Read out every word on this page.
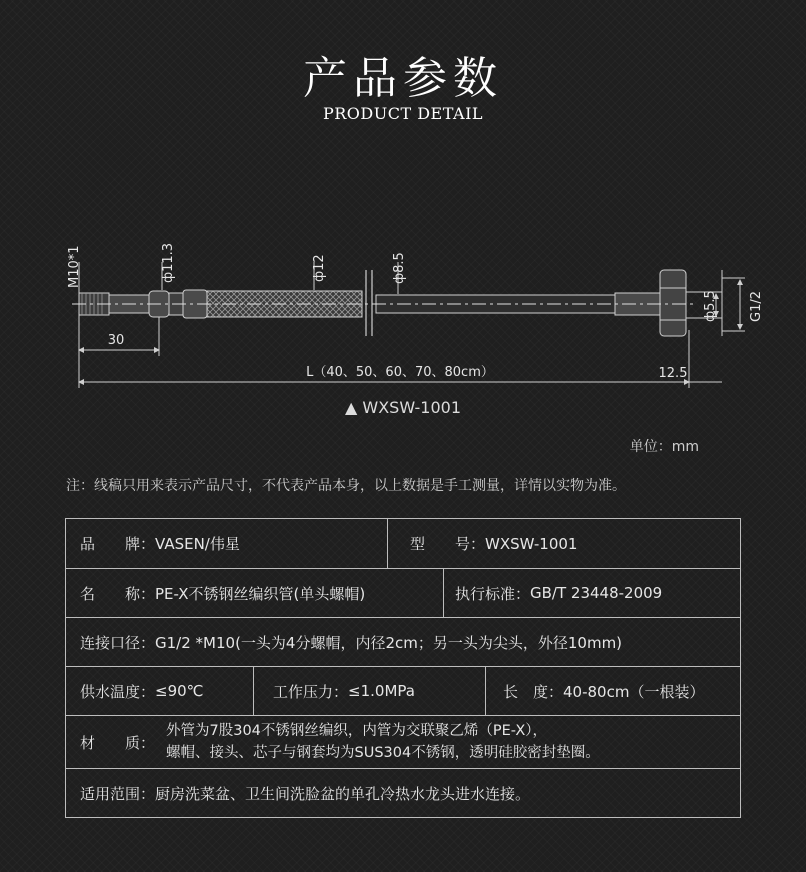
产品参数
PRODUCT DETAIL
M10*1	ф11.3	ф12	ф8.5
ф5.5 G1/2
30
12.5
L（40、50、60、70、80cm）
▲ WXSW-1001
单位：mm
注：线稿只用来表示产品尺寸，不代表产品本身，以上数据是手工测量，详情以实物为准。
品　　牌： VASEN/伟星	型　　号： WXSW-1001
名　　称： PE-X不锈钢丝编织管(单头螺帽)	执行标准： GB/T 23448-2009
连接口径： G1/2 *M10(一头为4分螺帽，内径2cm；另一头为尖头，外径10mm)
供水温度： ≤90℃	工作压力： ≤1.0MPa	长　度： 40-80cm（一根装）
材　　质：
外管为7股304不锈钢丝编织，内管为交联聚乙烯（PE-X），
螺帽、接头、芯子与钢套均为SUS304不锈钢，透明硅胶密封垫圈。
适用范围： 厨房洗菜盆、卫生间洗脸盆的单孔冷热水龙头进水连接。
